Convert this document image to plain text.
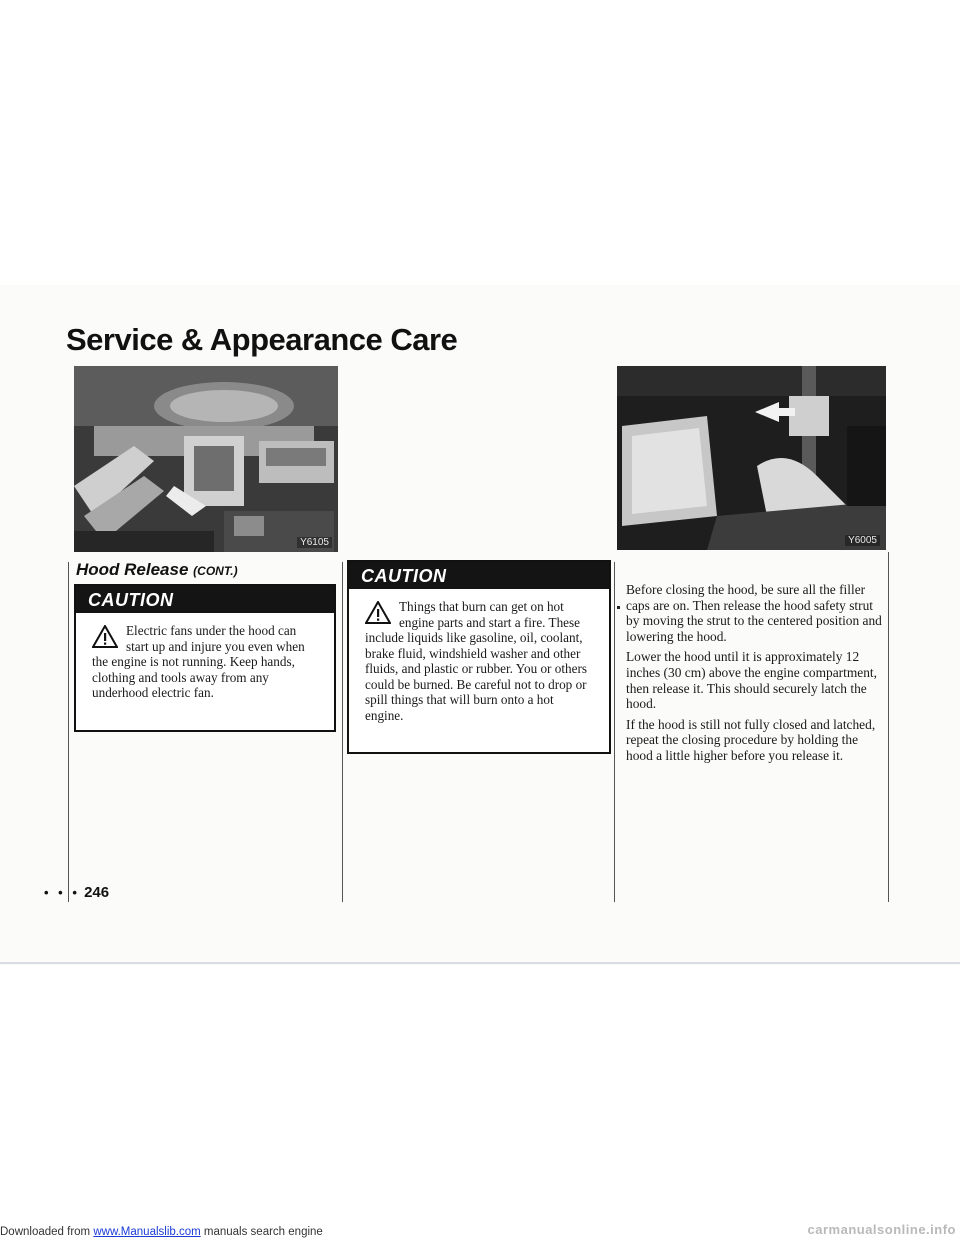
Service & Appearance Care
Y6105	Y6005
Hood Release (CONT.)
CAUTION

Electric fans under the hood can start up and injure you even when the engine is not running. Keep hands, clothing and tools away from any underhood electric fan.

CAUTION

Things that burn can get on hot engine parts and start a fire. These include liquids like gasoline, oil, coolant, brake fluid, windshield washer and other fluids, and plastic or rubber. You or others could be burned. Be careful not to drop or spill things that will burn onto a hot engine.

Before closing the hood, be sure all the filler caps are on. Then release the hood safety strut by moving the strut to the centered position and lowering the hood.

Lower the hood until it is approximately 12 inches (30 cm) above the engine compartment, then release it. This should securely latch the hood.

If the hood is still not fully closed and latched, repeat the closing procedure by holding the hood a little higher before you release it.

• • • 246

Downloaded from www.Manualslib.com manuals search engine	carmanualsonline.info
